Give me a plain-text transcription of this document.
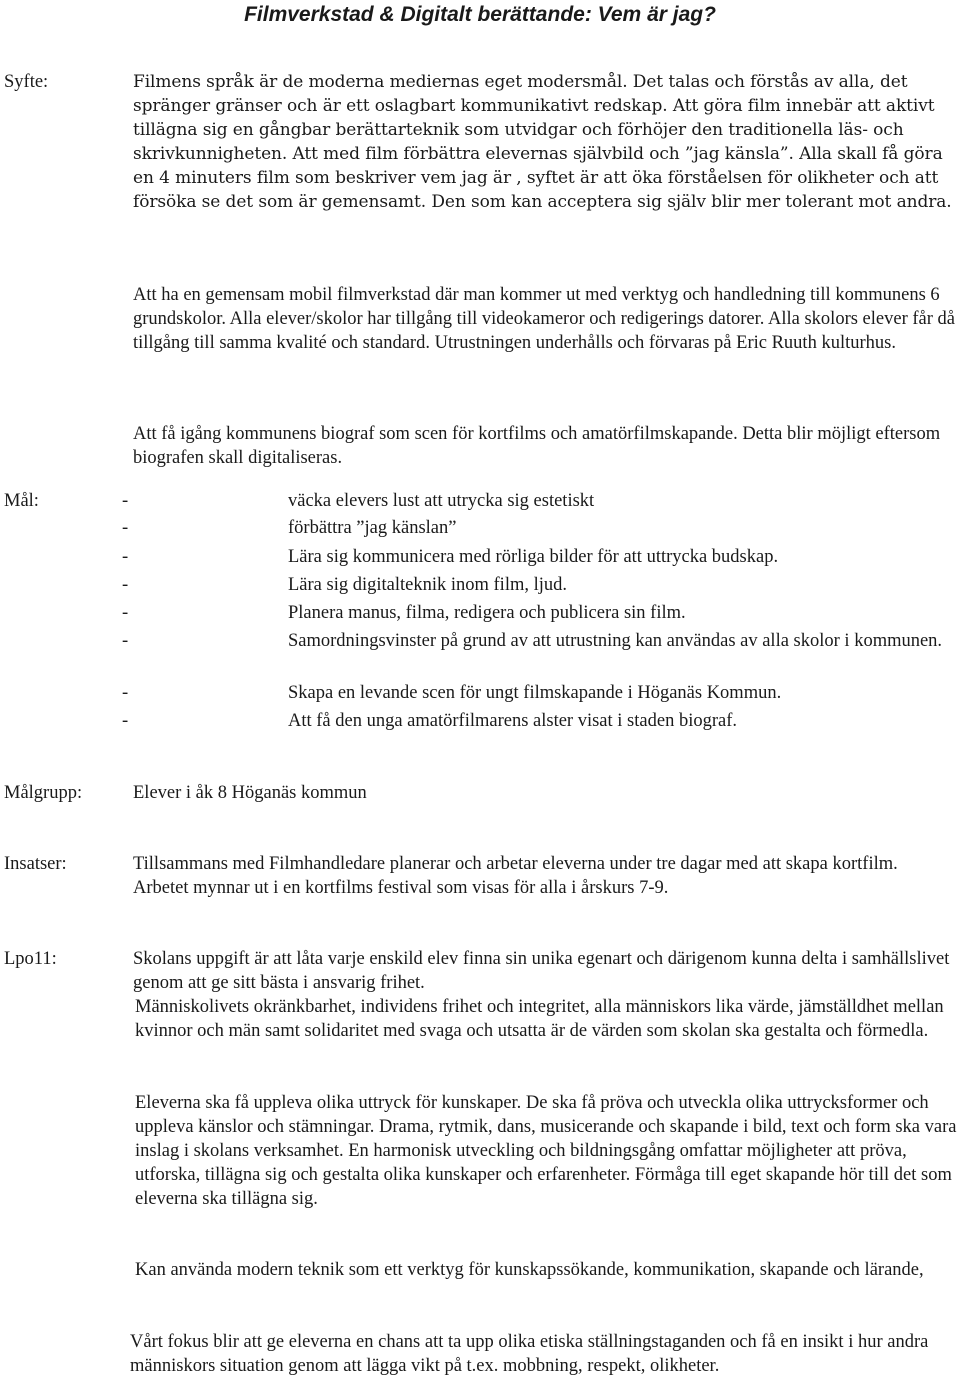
Filmverkstad & Digitalt berättande: Vem är jag?
Syfte:	Filmens språk är de moderna mediernas eget modersmål. Det talas och förstås av alla, det spränger gränser och är ett oslagbart kommunikativt redskap. Att göra film innebär att aktivt tillägna sig en gångbar berättarteknik som utvidgar och förhöjer den traditionella läs- och skrivkunnigheten. Att med film förbättra elevernas självbild och ”jag känsla”. Alla skall få göra en 4 minuters film som beskriver vem jag är , syftet är att öka förståelsen för olikheter och att försöka se det som är gemensamt. Den som kan acceptera sig själv blir mer tolerant mot andra.

Att ha en gemensam mobil filmverkstad där man kommer ut med verktyg och handledning till kommunens 6 grundskolor. Alla elever/skolor har tillgång till videokameror och redigerings datorer. Alla skolors elever får då tillgång till samma kvalité och standard. Utrustningen underhålls och förvaras på Eric Ruuth kulturhus.

Att få igång kommunens biograf som scen för kortfilms och amatörfilmskapande. Detta blir möjligt eftersom biografen skall digitaliseras.

Mål:	-	väcka elevers lust att utrycka sig estetiskt
-	förbättra ”jag känslan”
-	Lära sig kommunicera med rörliga bilder för att uttrycka budskap.
-	Lära sig digitalteknik inom film, ljud.
-	Planera manus, filma, redigera och publicera sin film.
-	Samordningsvinster på grund av att utrustning kan användas av alla skolor i kommunen.
-	Skapa en levande scen för ungt filmskapande i Höganäs Kommun.
-	Att få den unga amatörfilmarens alster visat i staden biograf.
Målgrupp:	Elever i åk 8 Höganäs kommun

Insatser:	Tillsammans med Filmhandledare planerar och arbetar eleverna under tre dagar med att skapa kortfilm. Arbetet mynnar ut i en kortfilms festival som visas för alla i årskurs 7-9.

Lpo11:	Skolans uppgift är att låta varje enskild elev finna sin unika egenart och därigenom kunna delta i samhällslivet genom att ge sitt bästa i ansvarig frihet.

Människolivets okränkbarhet, individens frihet och integritet, alla människors lika värde, jämställdhet mellan kvinnor och män samt solidaritet med svaga och utsatta är de värden som skolan ska gestalta och förmedla.

Eleverna ska få uppleva olika uttryck för kunskaper. De ska få pröva och utveckla olika uttrycksformer och uppleva känslor och stämningar. Drama, rytmik, dans, musicerande och skapande i bild, text och form ska vara inslag i skolans verksamhet. En harmonisk utveckling och bildningsgång omfattar möjligheter att pröva, utforska, tillägna sig och gestalta olika kunskaper och erfarenheter. Förmåga till eget skapande hör till det som eleverna ska tillägna sig.

Kan använda modern teknik som ett verktyg för kunskapssökande, kommunikation, skapande och lärande,

Vårt fokus blir att ge eleverna en chans att ta upp olika etiska ställningstaganden och få en insikt i hur andra människors situation genom att lägga vikt på t.ex. mobbning, respekt, olikheter.
